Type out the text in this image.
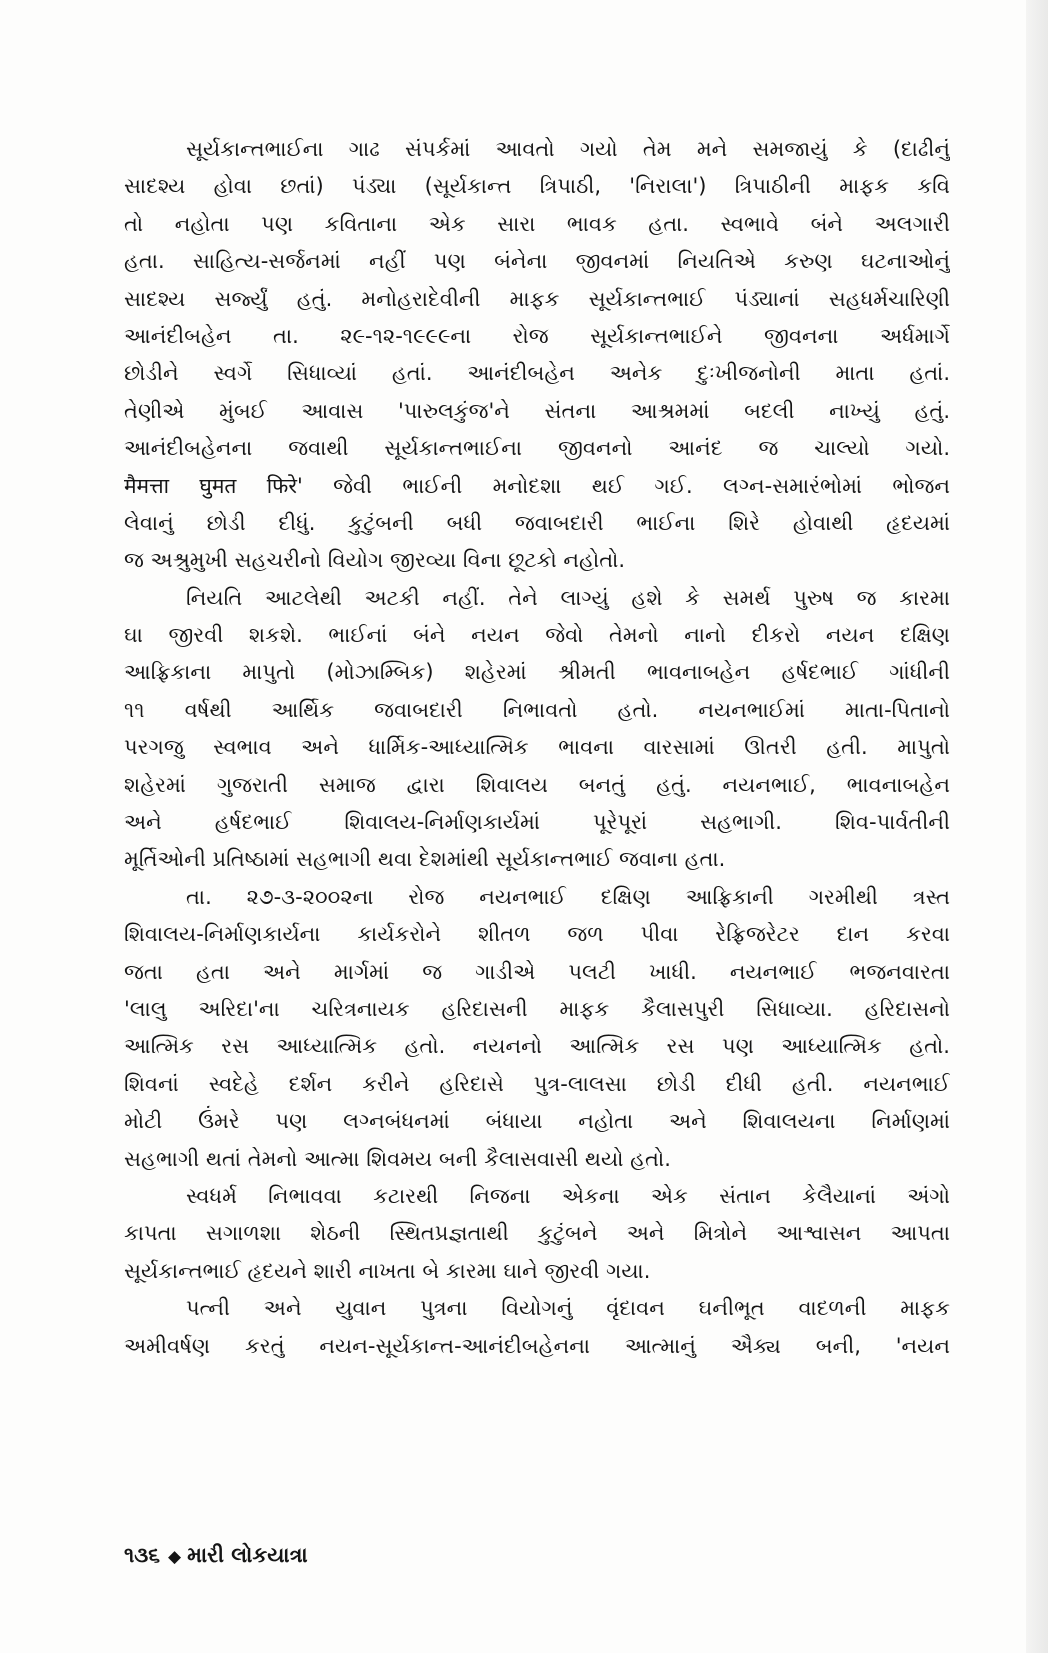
સૂર્યકાન્તભાઈના ગાઢ સંપર્કમાં આવતો ગયો તેમ મને સમજાયું કે (દાઢીનું
સાદશ્ય હોવા છતાં) પંડ્યા (સૂર્યકાન્ત ત્રિપાઠી, 'નિરાલા') ત્રિપાઠીની માફક કવિ
તો નહોતા પણ કવિતાના એક સારા ભાવક હતા. સ્વભાવે બંને અલગારી
હતા. સાહિત્ય-સર્જનમાં નહીં પણ બંનેના જીવનમાં નિયતિએ કરુણ ઘટનાઓનું
સાદશ્ય સર્જ્યું હતું. મનોહરાદેવીની માફક સૂર્યકાન્તભાઈ પંડ્યાનાં સહધર્મચારિણી
આનંદીબહેન તા. ૨૯-૧૨-૧૯૯૯ના રોજ સૂર્યકાન્તભાઈને જીવનના અર્ધમાર્ગે
છોડીને સ્વર્ગે સિધાવ્યાં હતાં. આનંદીબહેન અનેક દુઃખીજનોની માતા હતાં.
તેણીએ મુંબઈ આવાસ 'પારુલકુંજ'ને સંતના આશ્રમમાં બદલી નાખ્યું હતું.
આનંદીબહેનના જવાથી સૂર્યકાન્તભાઈના જીવનનો આનંદ જ ચાલ્યો ગયો.
मैमत्ता घुमत फिरे' જેવી ભાઈની મનોદશા થઈ ગઈ. લગ્ન-સમારંભોમાં ભોજન
લેવાનું છોડી દીધું. કુટુંબની બધી જવાબદારી ભાઈના શિરે હોવાથી હૃદયમાં
જ અશ્રુમુખી સહચરીનો વિયોગ જીરવ્યા વિના છૂટકો નહોતો.
નિયતિ આટલેથી અટકી નહીં. તેને લાગ્યું હશે કે સમર્થ પુરુષ જ કારમા
ઘા જીરવી શકશે. ભાઈનાં બંને નયન જેવો તેમનો નાનો દીકરો નયન દક્ષિણ
આફ્રિકાના માપુતો (મોઝામ્બિક) શહેરમાં શ્રીમતી ભાવનાબહેન હર્ષદભાઈ ગાંધીની
૧૧ વર્ષથી આર્થિક જવાબદારી નિભાવતો હતો. નયનભાઈમાં માતા-પિતાનો
પરગજુ સ્વભાવ અને ધાર્મિક-આધ્યાત્મિક ભાવના વારસામાં ઊતરી હતી. માપુતો
શહેરમાં ગુજરાતી સમાજ દ્વારા શિવાલય બનતું હતું. નયનભાઈ, ભાવનાબહેન
અને હર્ષદભાઈ શિવાલય-નિર્માણકાર્યમાં પૂરેપૂરાં સહભાગી. શિવ-પાર્વતીની
મૂર્તિઓની પ્રતિષ્ઠામાં સહભાગી થવા દેશમાંથી સૂર્યકાન્તભાઈ જવાના હતા.
તા. ૨૭-૩-૨૦૦૨ના રોજ નયનભાઈ દક્ષિણ આફ્રિકાની ગરમીથી ત્રસ્ત
શિવાલય-નિર્માણકાર્યના કાર્યકરોને શીતળ જળ પીવા રેફ્રિજરેટર દાન કરવા
જતા હતા અને માર્ગમાં જ ગાડીએ પલટી ખાધી. નયનભાઈ ભજનવારતા
'લાલુ અરિદા'ના ચરિત્રનાયક હરિદાસની માફક કૈલાસપુરી સિધાવ્યા. હરિદાસનો
આત્મિક રસ આધ્યાત્મિક હતો. નયનનો આત્મિક રસ પણ આધ્યાત્મિક હતો.
શિવનાં સ્વદેહે દર્શન કરીને હરિદાસે પુત્ર-લાલસા છોડી દીધી હતી. નયનભાઈ
મોટી ઉંમરે પણ લગ્નબંધનમાં બંધાયા નહોતા અને શિવાલયના નિર્માણમાં
સહભાગી થતાં તેમનો આત્મા શિવમય બની કૈલાસવાસી થયો હતો.
સ્વધર્મ નિભાવવા કટારથી નિજના એકના એક સંતાન કેલૈયાનાં અંગો
કાપતા સગાળશા શેઠની સ્થિતપ્રજ્ઞતાથી કુટુંબને અને મિત્રોને આશ્વાસન આપતા
સૂર્યકાન્તભાઈ હૃદયને શારી નાખતા બે કારમા ઘાને જીરવી ગયા.
પત્ની અને યુવાન પુત્રના વિયોગનું વૃંદાવન ઘનીભૂત વાદળની માફક
અમીવર્ષણ કરતું નયન-સૂર્યકાન્ત-આનંદીબહેનના આત્માનું ઐક્ય બની, 'નયન
૧૩૬ ◆ મારી લોકયાત્રા
